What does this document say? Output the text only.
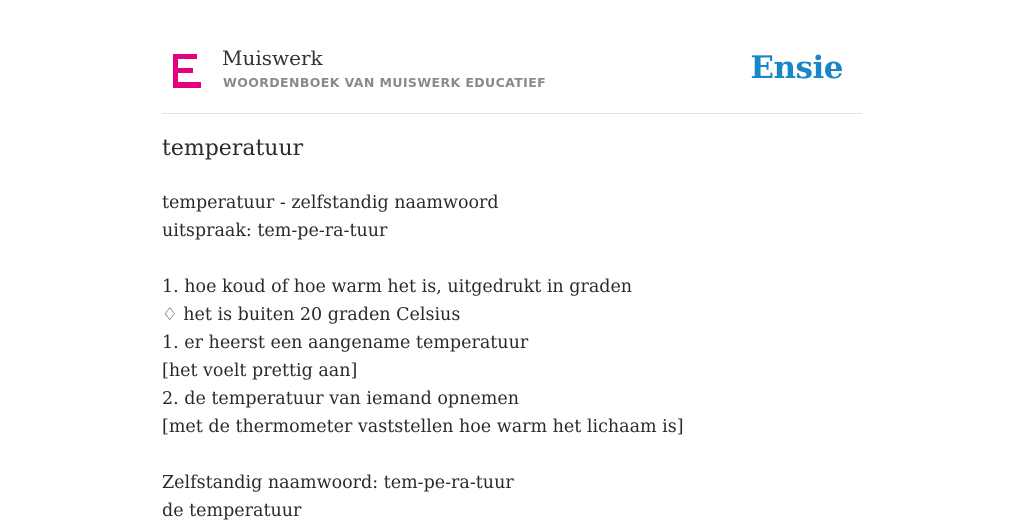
Muiswerk
WOORDENBOEK VAN MUISWERK EDUCATIEF	Ensie
temperatuur
temperatuur - zelfstandig naamwoord
uitspraak: tem-pe-ra-tuur
1. hoe koud of hoe warm het is, uitgedrukt in graden
♢ het is buiten 20 graden Celsius
1. er heerst een aangename temperatuur
[het voelt prettig aan]
2. de temperatuur van iemand opnemen
[met de thermometer vaststellen hoe warm het lichaam is]
Zelfstandig naamwoord: tem-pe-ra-tuur
de temperatuur
